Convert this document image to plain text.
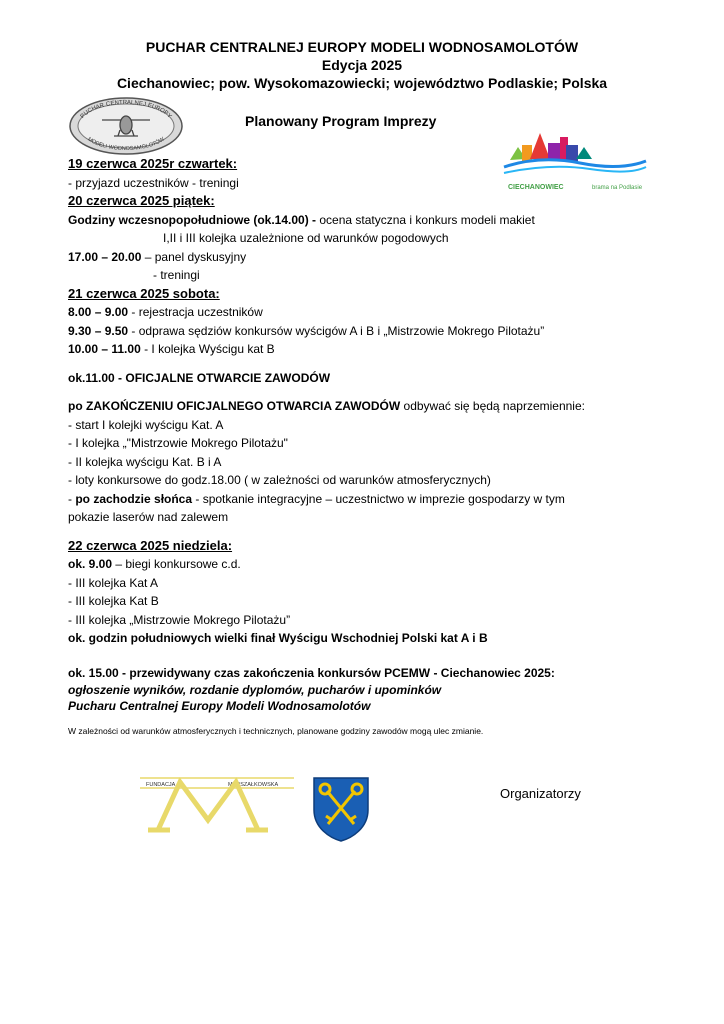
PUCHAR CENTRALNEJ EUROPY MODELI WODNOSAMOLOTÓW
Edycja 2025
Ciechanowiec; pow. Wysokomazowiecki; województwo Podlaskie; Polska
PUCHAR CENTRALNEJ EUROPY
MODELI WODNOSAMOLOTÓW
Planowany Program Imprezy
CIECHANOWIEC	brama na Podlasie
19 czerwca 2025r czwartek:
- przyjazd uczestników - treningi
20 czerwca 2025 piątek:
Godziny wczesnopopołudniowe (ok.14.00) - ocena statyczna i konkurs modeli makiet
I,II i III kolejka uzależnione od warunków pogodowych
17.00 – 20.00 – panel dyskusyjny
- treningi
21 czerwca 2025 sobota:
8.00 – 9.00 - rejestracja uczestników
9.30 – 9.50 - odprawa sędziów konkursów wyścigów A i B i „Mistrzowie Mokrego Pilotażu”
10.00 – 11.00 - I kolejka Wyścigu kat B
ok.11.00 - OFICJALNE OTWARCIE ZAWODÓW
po ZAKOŃCZENIU OFICJALNEGO OTWARCIA ZAWODÓW odbywać się będą naprzemiennie:
- start I kolejki wyścigu Kat. A
- I kolejka „"Mistrzowie Mokrego Pilotażu"
- II kolejka wyścigu Kat. B i A
- loty konkursowe do godz.18.00 ( w zależności od warunków atmosferycznych)
- po zachodzie słońca - spotkanie integracyjne – uczestnictwo w imprezie gospodarzy w tym
pokazie laserów nad zalewem
22 czerwca 2025 niedziela:
ok. 9.00 – biegi konkursowe c.d.
- III kolejka Kat A
- III kolejka Kat B
- III kolejka „Mistrzowie Mokrego Pilotażu”
ok. godzin południowych wielki finał Wyścigu Wschodniej Polski kat A i B
ok. 15.00 - przewidywany czas zakończenia konkursów PCEMW - Ciechanowiec 2025:
ogłoszenie wyników, rozdanie dyplomów, pucharów i upominków
Pucharu Centralnej Europy Modeli Wodnosamolotów
W zależności od warunków atmosferycznych i technicznych, planowane godziny zawodów mogą ulec zmianie.
FUNDACJA	MARSZAŁKOWSKA
Organizatorzy
